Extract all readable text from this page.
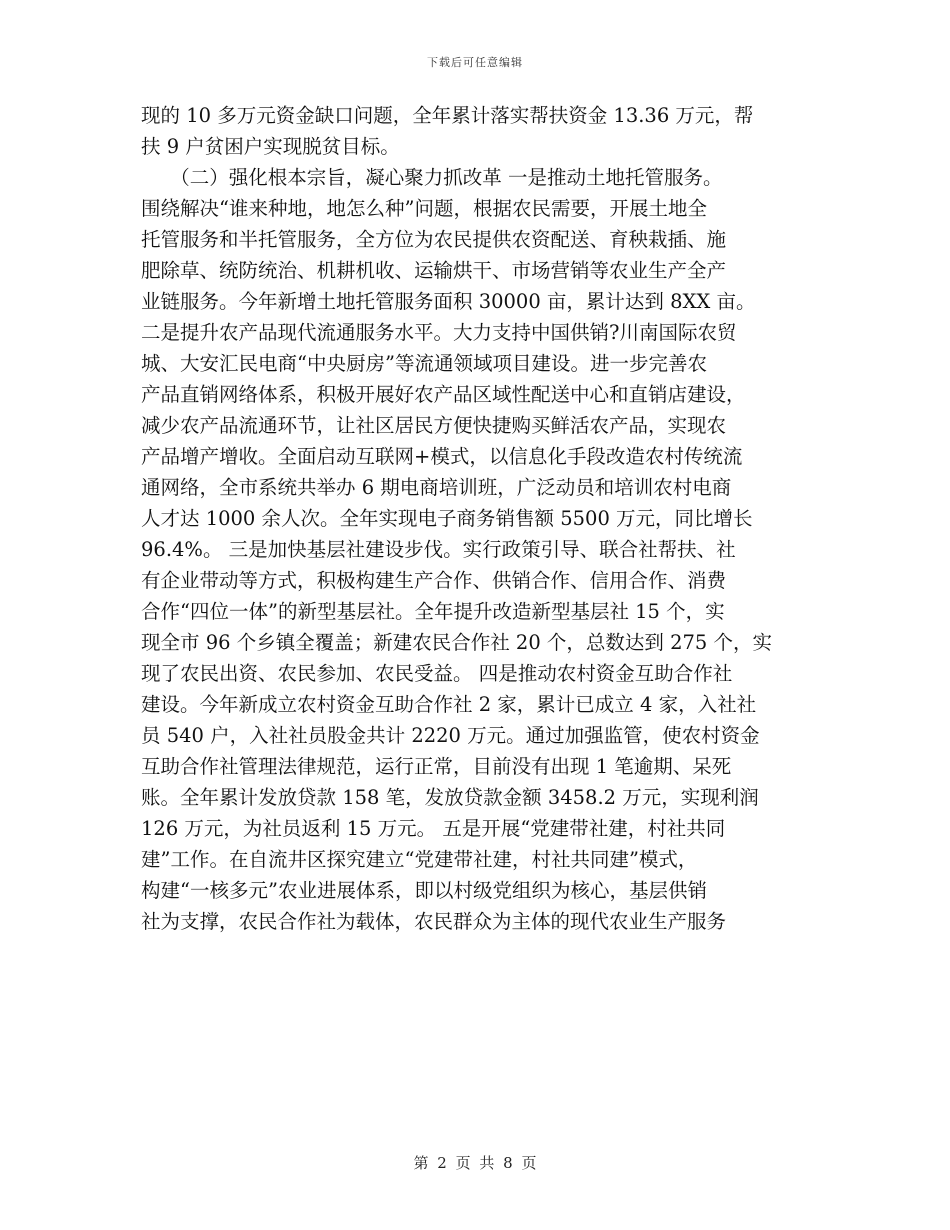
下载后可任意编辑
现的 10 多万元资金缺口问题，全年累计落实帮扶资金 13.36 万元，帮
扶 9 户贫困户实现脱贫目标。
　　（二）强化根本宗旨，凝心聚力抓改革 一是推动土地托管服务。
围绕解决“谁来种地，地怎么种”问题，根据农民需要，开展土地全
托管服务和半托管服务，全方位为农民提供农资配送、育秧栽插、施
肥除草、统防统治、机耕机收、运输烘干、市场营销等农业生产全产
业链服务。今年新增土地托管服务面积 30000 亩，累计达到 8XX 亩。
二是提升农产品现代流通服务水平。大力支持中国供销?川南国际农贸
城、大安汇民电商“中央厨房”等流通领域项目建设。进一步完善农
产品直销网络体系，积极开展好农产品区域性配送中心和直销店建设，
减少农产品流通环节，让社区居民方便快捷购买鲜活农产品，实现农
产品增产增收。全面启动互联网+模式，以信息化手段改造农村传统流
通网络，全市系统共举办 6 期电商培训班，广泛动员和培训农村电商
人才达 1000 余人次。全年实现电子商务销售额 5500 万元，同比增长
96.4%。 三是加快基层社建设步伐。实行政策引导、联合社帮扶、社
有企业带动等方式，积极构建生产合作、供销合作、信用合作、消费
合作“四位一体”的新型基层社。全年提升改造新型基层社 15 个，实
现全市 96 个乡镇全覆盖；新建农民合作社 20 个，总数达到 275 个，实
现了农民出资、农民参加、农民受益。 四是推动农村资金互助合作社
建设。今年新成立农村资金互助合作社 2 家，累计已成立 4 家，入社社
员 540 户，入社社员股金共计 2220 万元。通过加强监管，使农村资金
互助合作社管理法律规范，运行正常，目前没有出现 1 笔逾期、呆死
账。全年累计发放贷款 158 笔，发放贷款金额 3458.2 万元，实现利润
126 万元，为社员返利 15 万元。 五是开展“党建带社建，村社共同
建”工作。在自流井区探究建立“党建带社建，村社共同建”模式，
构建“一核多元”农业进展体系，即以村级党组织为核心，基层供销
社为支撑，农民合作社为载体，农民群众为主体的现代农业生产服务
第 2 页 共 8 页
